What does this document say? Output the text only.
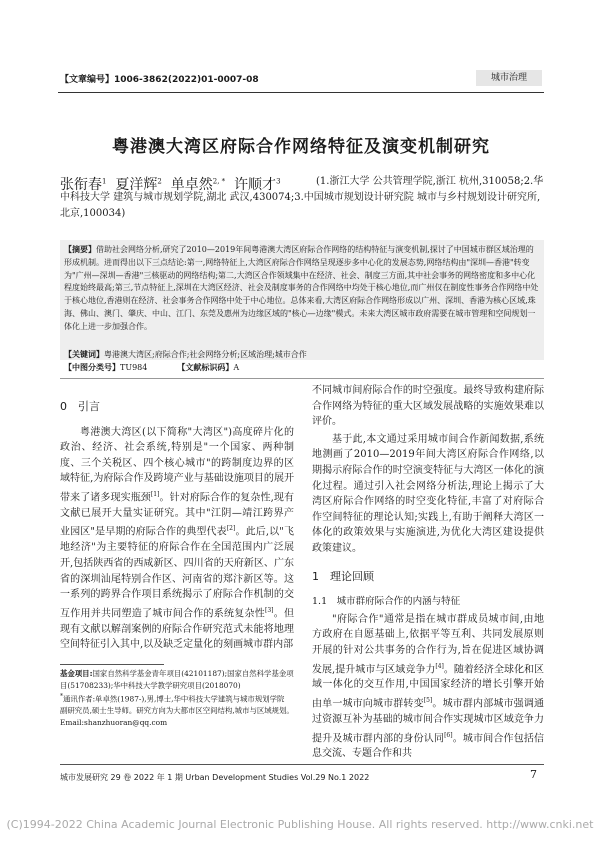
【文章编号】1006-3862(2022)01-0007-08	城市治理
粤港澳大湾区府际合作网络特征及演变机制研究
张衔春$^1$ 夏洋辉$^2$ 单卓然$^{2, *}$ 许顺才$^3$	(1.浙江大学 公共管理学院,浙江 杭州,310058;2.华中科技大学 建筑与城市规划学院,湖北 武汉,430074;3.中国城市规划设计研究院 城市与乡村规划设计研究所,北京,100034)
【摘要】借助社会网络分析,研究了2010—2019年间粤港澳大湾区府际合作网络的结构特征与演变机制,探讨了中国城市群区域治理的形成机制。进而得出以下三点结论:第一,网络特征上,大湾区府际合作网络呈现逐步多中心化的发展态势,网络结构由"深圳—香港"转变为"广州—深圳—香港"三核驱动的网络结构;第二,大湾区合作领域集中在经济、社会、制度三方面,其中社会事务的网络密度和多中心化程度始终最高;第三,节点特征上,深圳在大湾区经济、社会及制度事务的合作网络中均处于核心地位,而广州仅在制度性事务合作网络中处于核心地位,香港则在经济、社会事务合作网络中处于中心地位。总体来看,大湾区府际合作网络形成以广州、深圳、香港为核心区域,珠海、佛山、澳门、肇庆、中山、江门、东莞及惠州为边缘区域的"核心—边缘"模式。未来大湾区城市政府需要在城市管理和空间规划一体化上进一步加强合作。
【关键词】粤港澳大湾区;府际合作;社会网络分析;区域治理;城市合作
【中图分类号】TU984	【文献标识码】A
0　引言

粤港澳大湾区(以下简称"大湾区")高度碎片化的政治、经济、社会系统,特别是"一个国家、两种制度、三个关税区、四个核心城市"的跨制度边界的区域特征,为府际合作及跨境产业与基础设施项目的展开带来了诸多现实瓶颈[1]。针对府际合作的复杂性,现有文献已展开大量实证研究。其中"江阴—靖江跨界产业园区"是早期的府际合作的典型代表[2]。此后,以"飞地经济"为主要特征的府际合作在全国范围内广泛展开,包括陕西省的西咸新区、四川省的天府新区、广东省的深圳汕尾特别合作区、河南省的郑汴新区等。这一系列的跨界合作项目系统揭示了府际合作机制的交互作用并共同塑造了城市间合作的系统复杂性[3]。但现有文献以解剖案例的府际合作研究范式未能将地理空间特征引入其中,以及缺乏定量化的刻画城市群内部

基金项目:国家自然科学基金青年项目(42101187);国家自然科学基金项目(51708233);华中科技大学教学研究项目(2018070)

*通讯作者:单卓然(1987-),男,博士,华中科技大学建筑与城市规划学院 副研究员,硕士生导师。研究方向为大都市区空间结构,城市与区域规划。Email:shanzhuoran@qq.com

不同城市间府际合作的时空强度。最终导致构建府际合作网络为特征的重大区域发展战略的实施效果难以评价。

基于此,本文通过采用城市间合作新闻数据,系统地测画了2010—2019年间大湾区府际合作网络,以期揭示府际合作的时空演变特征与大湾区一体化的演化过程。通过引入社会网络分析法,理论上揭示了大湾区府际合作网络的时空变化特征,丰富了对府际合作空间特征的理论认知;实践上,有助于阐释大湾区一体化的政策效果与实施演进,为优化大湾区建设提供政策建议。

1　理论回顾
1.1　城市群府际合作的内涵与特征

"府际合作"通常是指在城市群成员城市间,由地方政府在自愿基础上,依据平等互利、共同发展原则开展的针对公共事务的合作行为,旨在促进区域协调发展,提升城市与区域竞争力[4]。随着经济全球化和区域一体化的交互作用,中国国家经济的增长引擎开始由单一城市向城市群转变[5]。城市群内部城市强调通过资源互补为基础的城市间合作实现城市区域竞争力提升及城市群内部的身份认同[6]。城市间合作包括信息交流、专题合作和共

城市发展研究 29 卷 2022 年 1 期 Urban Development Studies Vol.29 No.1 2022	7
(C)1994-2022 China Academic Journal Electronic Publishing House. All rights reserved. http://www.cnki.net
